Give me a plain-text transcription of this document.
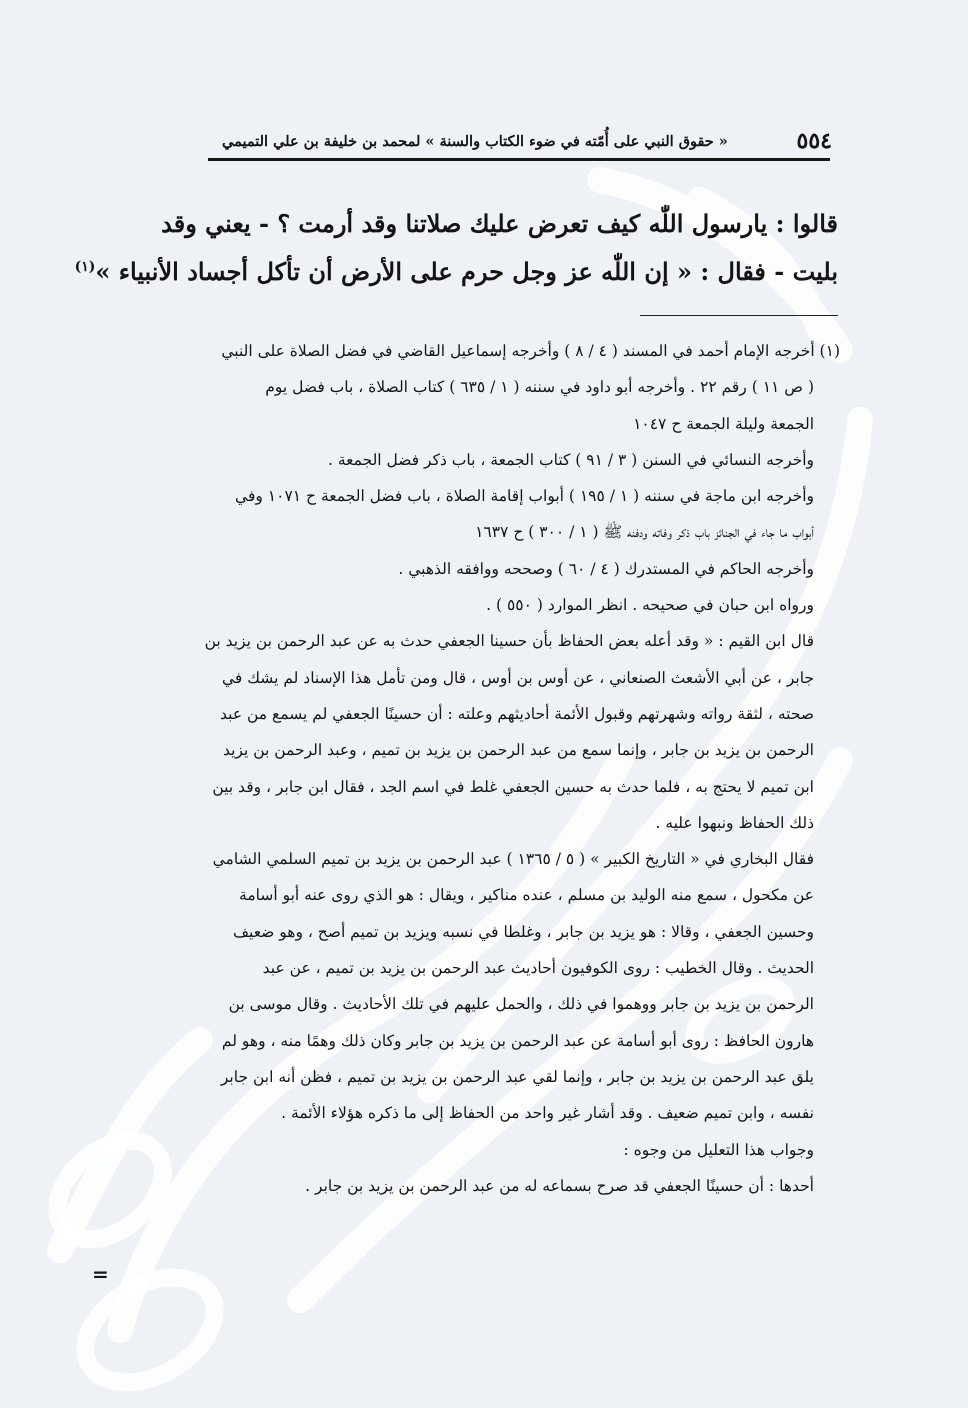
٥٥٤
« حقوق النبي على أُمّته في ضوء الكتاب والسنة » لمحمد بن خليفة بن علي التميمي
قالوا : يارسول اللّٰه كيف تعرض عليك صلاتنا وقد أرمت ؟ - يعني وقد
بليت - فقال : « إن اللّٰه عز وجل حرم على الأرض أن تأكل أجساد الأنبياء »$^{(١)}$
(١) أخرجه الإمام أحمد في المسند ( ٤ / ٨ ) وأخرجه إسماعيل القاضي في فضل الصلاة على النبي
( ص ١١ ) رقم ٢٢ . وأخرجه أبو داود في سننه ( ١ / ٦٣٥ ) كتاب الصلاة ، باب فضل يوم
الجمعة وليلة الجمعة ح ١٠٤٧
وأخرجه النسائي في السنن ( ٣ / ٩١ ) كتاب الجمعة ، باب ذكر فضل الجمعة .
وأخرجه ابن ماجة في سننه ( ١ / ١٩٥ ) أبواب إقامة الصلاة ، باب فضل الجمعة ح ١٠٧١ وفي
أبواب ما جاء في الجنائز باب ذكر وفاته ودفنه ﷺ ( ١ / ٣٠٠ ) ح ١٦٣٧
وأخرجه الحاكم في المستدرك ( ٤ / ٦٠ ) وصححه ووافقه الذهبي .
ورواه ابن حبان في صحيحه . انظر الموارد ( ٥٥٠ ) .
قال ابن القيم : « وقد أعله بعض الحفاظ بأن حسينا الجعفي حدث به عن عبد الرحمن بن يزيد بن
جابر ، عن أبي الأشعث الصنعاني ، عن أوس بن أوس ، قال ومن تأمل هذا الإسناد لم يشك في
صحته ، لثقة رواته وشهرتهم وقبول الأئمة أحاديثهم وعلته : أن حسينًا الجعفي لم يسمع من عبد
الرحمن بن يزيد بن جابر ، وإنما سمع من عبد الرحمن بن يزيد بن تميم ، وعبد الرحمن بن يزيد
ابن تميم لا يحتج به ، فلما حدث به حسين الجعفي غلط في اسم الجد ، فقال ابن جابر ، وقد بين
ذلك الحفاظ ونبهوا عليه .
فقال البخاري في « التاريخ الكبير » ( ٥ / ١٣٦٥ ) عبد الرحمن بن يزيد بن تميم السلمي الشامي
عن مكحول ، سمع منه الوليد بن مسلم ، عنده مناكير ، ويقال : هو الذي روى عنه أبو أسامة
وحسين الجعفي ، وقالا : هو يزيد بن جابر ، وغلطا في نسبه ويزيد بن تميم أصح ، وهو ضعيف
الحديث . وقال الخطيب : روى الكوفيون أحاديث عبد الرحمن بن يزيد بن تميم ، عن عبد
الرحمن بن يزيد بن جابر ووهموا في ذلك ، والحمل عليهم في تلك الأحاديث . وقال موسى بن
هارون الحافظ : روى أبو أسامة عن عبد الرحمن بن يزيد بن جابر وكان ذلك وهمًا منه ، وهو لم
يلق عبد الرحمن بن يزيد بن جابر ، وإنما لقي عبد الرحمن بن يزيد بن تميم ، فظن أنه ابن جابر
نفسه ، وابن تميم ضعيف . وقد أشار غير واحد من الحفاظ إلى ما ذكره هؤلاء الأئمة .
وجواب هذا التعليل من وجوه :
أحدها : أن حسينًا الجعفي قد صرح بسماعه له من عبد الرحمن بن يزيد بن جابر .
=
